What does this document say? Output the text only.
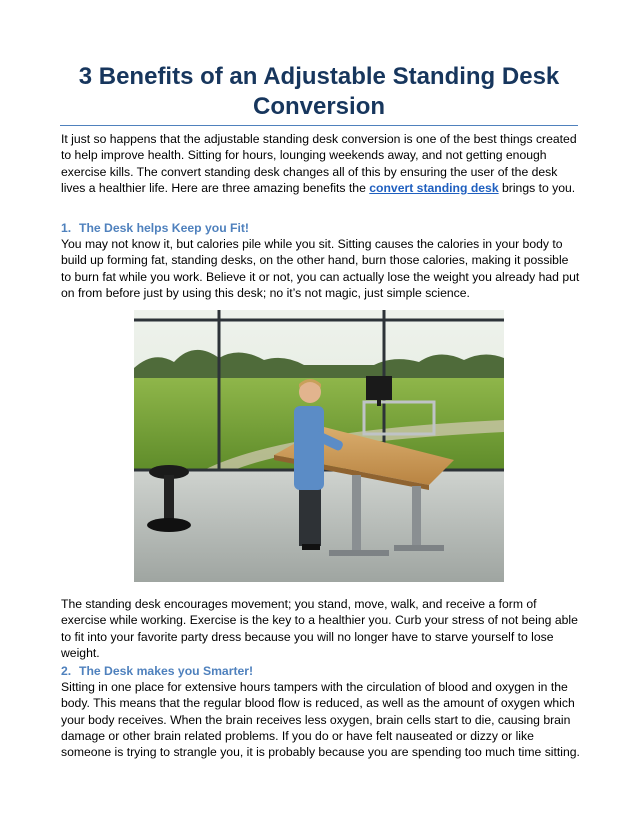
3 Benefits of an Adjustable Standing Desk Conversion

It just so happens that the adjustable standing desk conversion is one of the best things created to help improve health. Sitting for hours, lounging weekends away, and not getting enough exercise kills. The convert standing desk changes all of this by ensuring the user of the desk lives a healthier life. Here are three amazing benefits the convert standing desk brings to you.

1. The Desk helps Keep you Fit!

You may not know it, but calories pile while you sit. Sitting causes the calories in your body to build up forming fat, standing desks, on the other hand, burn those calories, making it possible to burn fat while you work. Believe it or not, you can actually lose the weight you already had put on from before just by using this desk; no it’s not magic, just simple science.

The standing desk encourages movement; you stand, move, walk, and receive a form of exercise while working. Exercise is the key to a healthier you. Curb your stress of not being able to fit into your favorite party dress because you will no longer have to starve yourself to lose weight.

2. The Desk makes you Smarter!

Sitting in one place for extensive hours tampers with the circulation of blood and oxygen in the body. This means that the regular blood flow is reduced, as well as the amount of oxygen which your body receives. When the brain receives less oxygen, brain cells start to die, causing brain damage or other brain related problems. If you do or have felt nauseated or dizzy or like someone is trying to strangle you, it is probably because you are spending too much time sitting.
